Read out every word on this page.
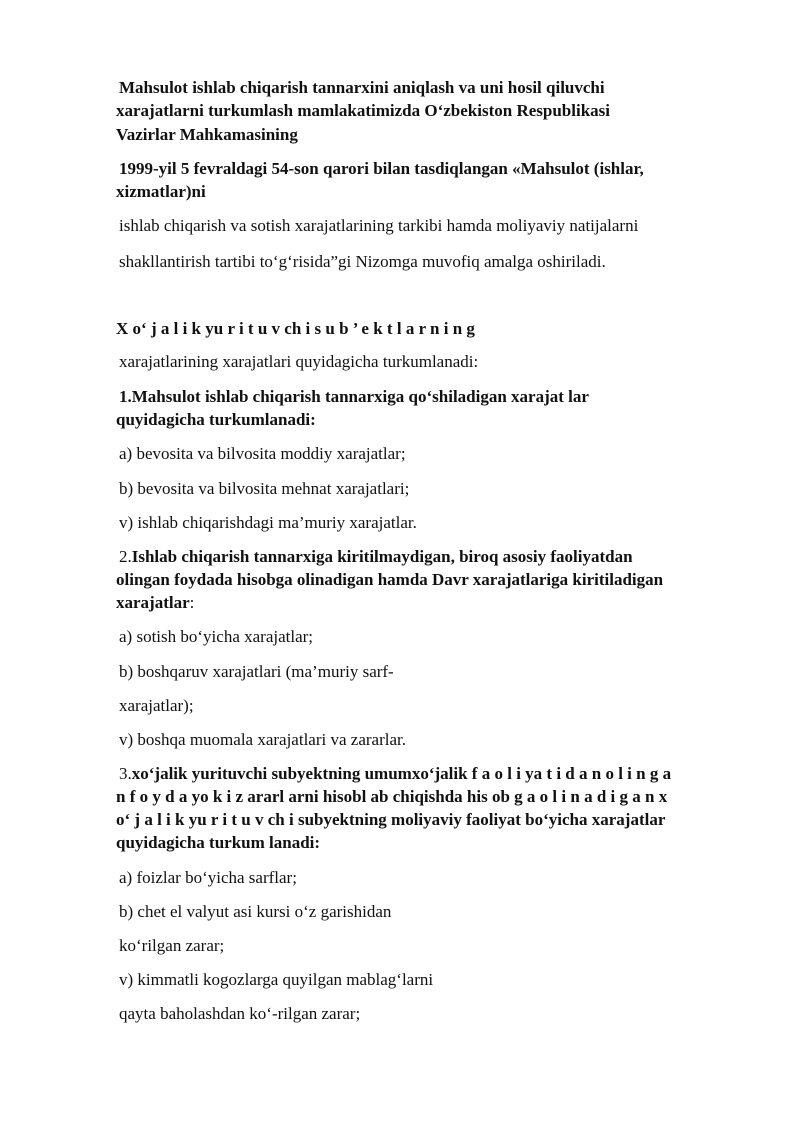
Mahsulot ishlab chiqarish tannarxini aniqlash va uni hosil qiluvchi
xarajatlarni turkumlash mamlakatimizda O‘zbekiston Respublikasi
Vazirlar Mahkamasining
1999-yil 5 fevraldagi 54-son qarori bilan tasdiqlangan «Mahsulot (ishlar,
xizmatlar)ni
ishlab chiqarish va sotish xarajatlarining tarkibi hamda moliyaviy natijalarni
shakllantirish tartibi to‘g‘risida”gi Nizomga muvofiq amalga oshiriladi.
X o‘ j a l i k yu r i t u v ch i s u b ’ e k t l a r n i n g
xarajatlarining xarajatlari quyidagicha turkumlanadi:
1.Mahsulot ishlab chiqarish tannarxiga qo‘shiladigan xarajat lar
quyidagicha turkumlanadi:
a) bevosita va bilvosita moddiy xarajatlar;
b) bevosita va bilvosita mehnat xarajatlari;
v) ishlab chiqarishdagi ma’muriy xarajatlar.
2.Ishlab chiqarish tannarxiga kiritilmaydigan, biroq asosiy faoliyatdan
olingan foydada hisobga olinadigan hamda Davr xarajatlariga kiritiladigan
xarajatlar:
a) sotish bo‘yicha xarajatlar;
b) boshqaruv xarajatlari (ma’muriy sarf-
xarajatlar);
v) boshqa muomala xarajatlari va zararlar.
3.xo‘jalik yurituvchi subyektning umumxo‘jalik f a o l i ya t i d a n o l i n g a
n f o y d a yo k i z ararl arni hisobl ab chiqishda his ob g a o l i n a d i g a n x
o‘ j a l i k yu r i t u v ch i subyektning moliyaviy faoliyat bo‘yicha xarajatlar
quyidagicha turkum lanadi:
a) foizlar bo‘yicha sarflar;
b) chet el valyut asi kursi o‘z garishidan
ko‘rilgan zarar;
v) kimmatli kogozlarga quyilgan mablag‘larni
qayta baholashdan ko‘-rilgan zarar;
